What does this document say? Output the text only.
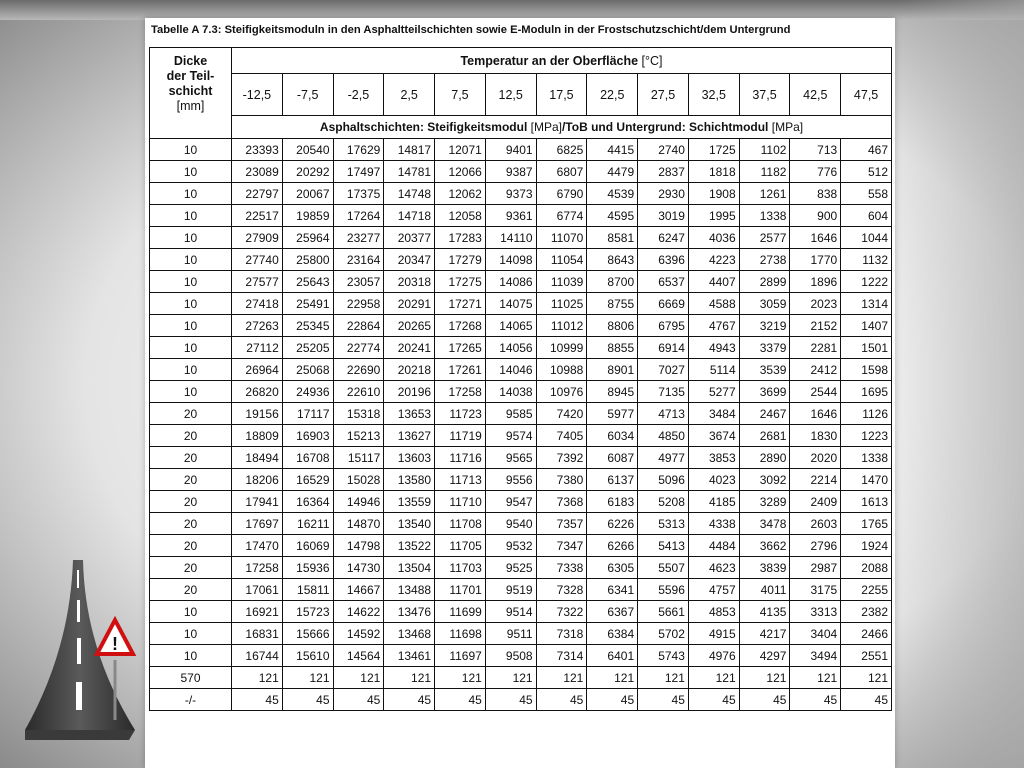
!
Tabelle A 7.3: Steifigkeitsmoduln in den Asphaltteilschichten sowie E-Moduln in der Frostschutzschicht/dem Untergrund
Dicke
der Teil-
schicht
[mm]	Temperatur an der Oberfläche [°C]												
	-12,5	-7,5	-2,5	2,5	7,5	12,5	17,5	22,5	27,5	32,5	37,5	42,5	47,5
	Asphaltschichten: Steifigkeitsmodul [MPa]/ToB und Untergrund: Schichtmodul [MPa]												
10	23393	20540	17629	14817	12071	9401	6825	4415	2740	1725	1102	713	467
10	23089	20292	17497	14781	12066	9387	6807	4479	2837	1818	1182	776	512
10	22797	20067	17375	14748	12062	9373	6790	4539	2930	1908	1261	838	558
10	22517	19859	17264	14718	12058	9361	6774	4595	3019	1995	1338	900	604
10	27909	25964	23277	20377	17283	14110	11070	8581	6247	4036	2577	1646	1044
10	27740	25800	23164	20347	17279	14098	11054	8643	6396	4223	2738	1770	1132
10	27577	25643	23057	20318	17275	14086	11039	8700	6537	4407	2899	1896	1222
10	27418	25491	22958	20291	17271	14075	11025	8755	6669	4588	3059	2023	1314
10	27263	25345	22864	20265	17268	14065	11012	8806	6795	4767	3219	2152	1407
10	27112	25205	22774	20241	17265	14056	10999	8855	6914	4943	3379	2281	1501
10	26964	25068	22690	20218	17261	14046	10988	8901	7027	5114	3539	2412	1598
10	26820	24936	22610	20196	17258	14038	10976	8945	7135	5277	3699	2544	1695
20	19156	17117	15318	13653	11723	9585	7420	5977	4713	3484	2467	1646	1126
20	18809	16903	15213	13627	11719	9574	7405	6034	4850	3674	2681	1830	1223
20	18494	16708	15117	13603	11716	9565	7392	6087	4977	3853	2890	2020	1338
20	18206	16529	15028	13580	11713	9556	7380	6137	5096	4023	3092	2214	1470
20	17941	16364	14946	13559	11710	9547	7368	6183	5208	4185	3289	2409	1613
20	17697	16211	14870	13540	11708	9540	7357	6226	5313	4338	3478	2603	1765
20	17470	16069	14798	13522	11705	9532	7347	6266	5413	4484	3662	2796	1924
20	17258	15936	14730	13504	11703	9525	7338	6305	5507	4623	3839	2987	2088
20	17061	15811	14667	13488	11701	9519	7328	6341	5596	4757	4011	3175	2255
10	16921	15723	14622	13476	11699	9514	7322	6367	5661	4853	4135	3313	2382
10	16831	15666	14592	13468	11698	9511	7318	6384	5702	4915	4217	3404	2466
10	16744	15610	14564	13461	11697	9508	7314	6401	5743	4976	4297	3494	2551
570	121	121	121	121	121	121	121	121	121	121	121	121	121
-/-	45	45	45	45	45	45	45	45	45	45	45	45	45
